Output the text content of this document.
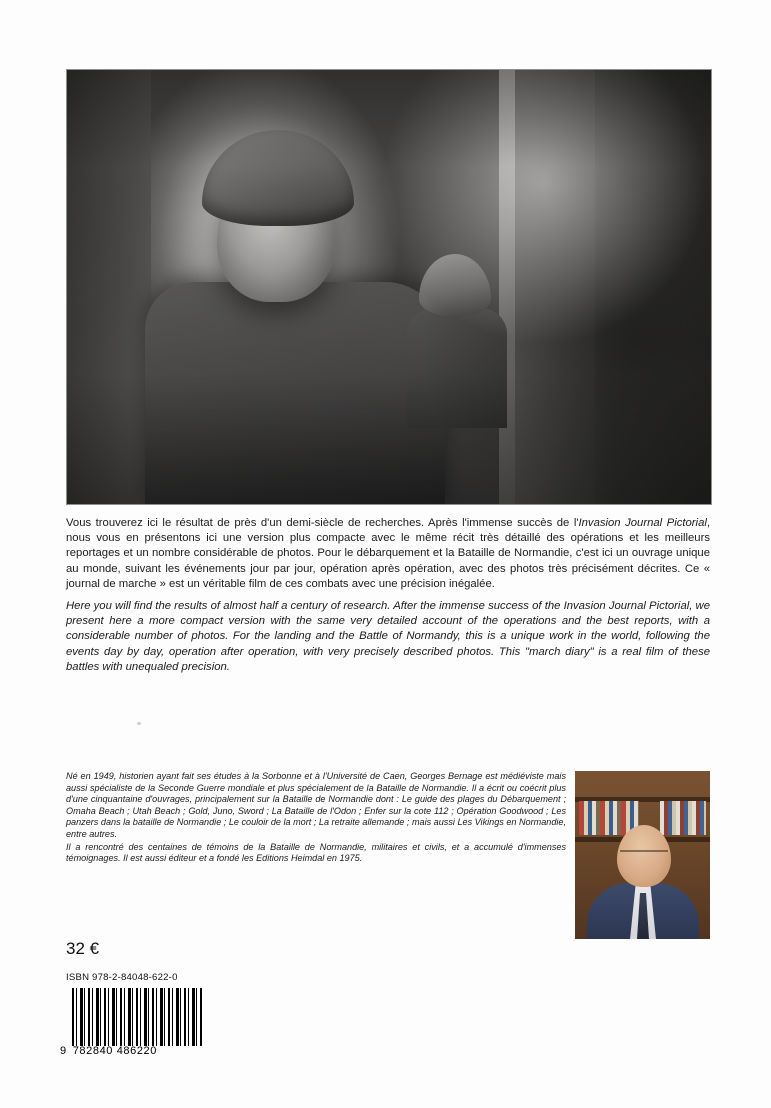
Vous trouverez ici le résultat de près d'un demi-siècle de recherches. Après l'immense succès de l'Invasion Journal Pictorial, nous vous en présentons ici une version plus compacte avec le même récit très détaillé des opérations et les meilleurs reportages et un nombre considérable de photos. Pour le débarquement et la Bataille de Normandie, c'est ici un ouvrage unique au monde, suivant les événements jour par jour, opération après opération, avec des photos très précisément décrites. Ce « journal de marche » est un véritable film de ces combats avec une précision inégalée.
Here you will find the results of almost half a century of research. After the immense success of the Invasion Journal Pictorial, we present here a more compact version with the same very detailed account of the operations and the best reports, with a considerable number of photos. For the landing and the Battle of Normandy, this is a unique work in the world, following the events day by day, operation after operation, with very precisely described photos. This "march diary" is a real film of these battles with unequaled precision.

Né en 1949, historien ayant fait ses études à la Sorbonne et à l'Université de Caen, Georges Bernage est médiéviste mais aussi spécialiste de la Seconde Guerre mondiale et plus spécialement de la Bataille de Normandie. Il a écrit ou coécrit plus d'une cinquantaine d'ouvrages, principalement sur la Bataille de Normandie dont : Le guide des plages du Débarquement ; Omaha Beach ; Utah Beach ; Gold, Juno, Sword ; La Bataille de l'Odon ; Enfer sur la cote 112 ; Opération Goodwood ; Les panzers dans la bataille de Normandie ; Le couloir de la mort ; La retraite allemande ; mais aussi Les Vikings en Normandie, entre autres.

Il a rencontré des centaines de témoins de la Bataille de Normandie, militaires et civils, et a accumulé d'immenses témoignages. Il est aussi éditeur et a fondé les Editions Heimdal en 1975.

32 €
ISBN 978-2-84048-622-0
9 782840 486220
